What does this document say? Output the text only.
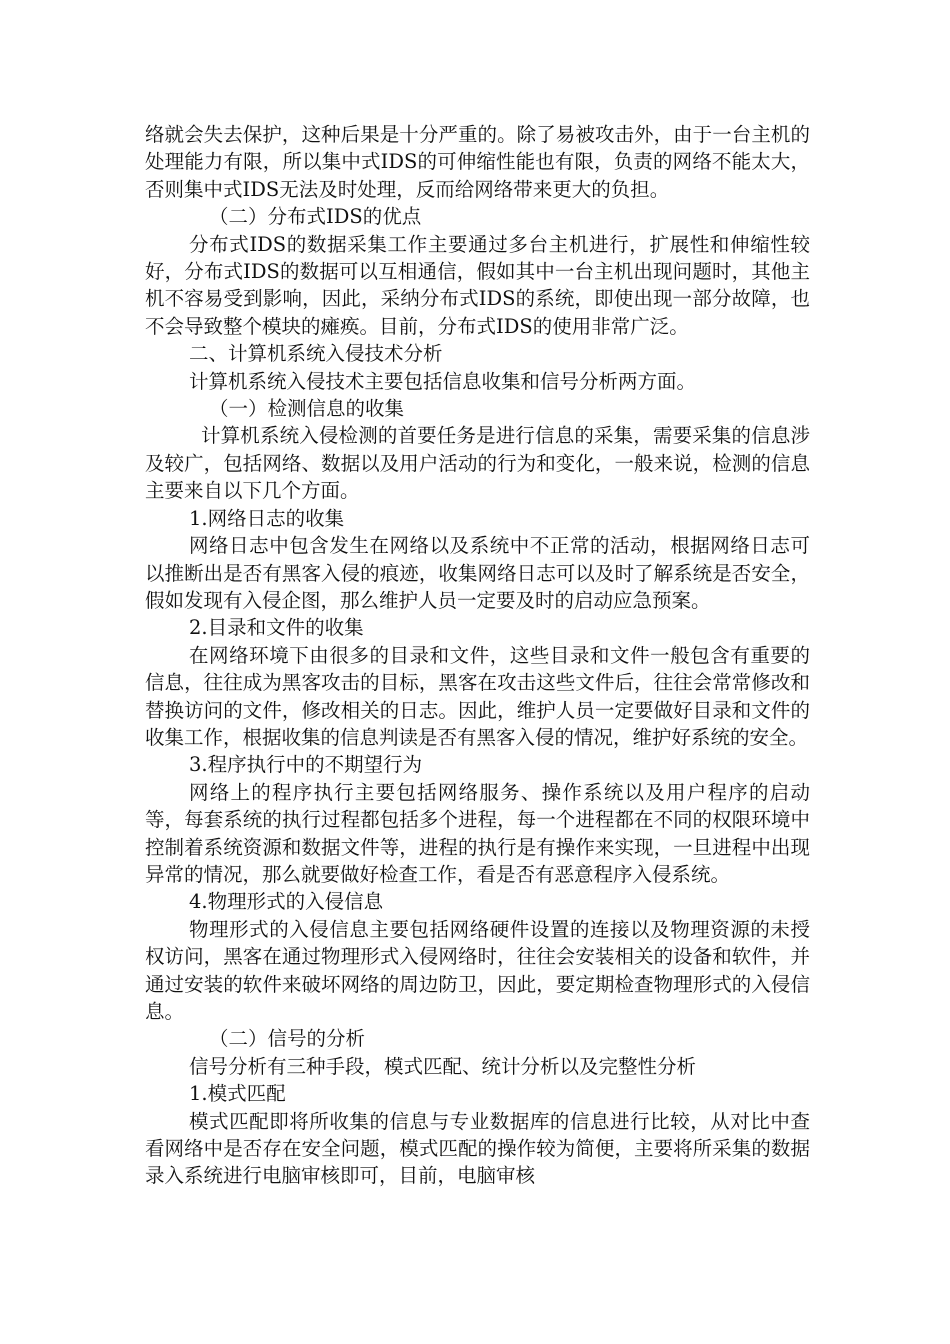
络就会失去保护，这种后果是十分严重的。除了易被攻击外，由于一台主机的处理能力有限，所以集中式IDS的可伸缩性能也有限，负责的网络不能太大，否则集中式IDS无法及时处理，反而给网络带来更大的负担。

（二）分布式IDS的优点

分布式IDS的数据采集工作主要通过多台主机进行，扩展性和伸缩性较好，分布式IDS的数据可以互相通信，假如其中一台主机出现问题时，其他主机不容易受到影响，因此，采纳分布式IDS的系统，即使出现一部分故障，也不会导致整个模块的瘫痪。目前，分布式IDS的使用非常广泛。

二、计算机系统入侵技术分析

计算机系统入侵技术主要包括信息收集和信号分析两方面。

（一）检测信息的收集

计算机系统入侵检测的首要任务是进行信息的采集，需要采集的信息涉及较广，包括网络、数据以及用户活动的行为和变化，一般来说，检测的信息主要来自以下几个方面。

1.网络日志的收集

网络日志中包含发生在网络以及系统中不正常的活动，根据网络日志可以推断出是否有黑客入侵的痕迹，收集网络日志可以及时了解系统是否安全，假如发现有入侵企图，那么维护人员一定要及时的启动应急预案。

2.目录和文件的收集

在网络环境下由很多的目录和文件，这些目录和文件一般包含有重要的信息，往往成为黑客攻击的目标，黑客在攻击这些文件后，往往会常常修改和替换访问的文件，修改相关的日志。因此，维护人员一定要做好目录和文件的收集工作，根据收集的信息判读是否有黑客入侵的情况，维护好系统的安全。

3.程序执行中的不期望行为

网络上的程序执行主要包括网络服务、操作系统以及用户程序的启动等，每套系统的执行过程都包括多个进程，每一个进程都在不同的权限环境中控制着系统资源和数据文件等，进程的执行是有操作来实现，一旦进程中出现异常的情况，那么就要做好检查工作，看是否有恶意程序入侵系统。

4.物理形式的入侵信息

物理形式的入侵信息主要包括网络硬件设置的连接以及物理资源的未授权访问，黑客在通过物理形式入侵网络时，往往会安装相关的设备和软件，并通过安装的软件来破坏网络的周边防卫，因此，要定期检查物理形式的入侵信息。

（二）信号的分析

信号分析有三种手段，模式匹配、统计分析以及完整性分析

1.模式匹配

模式匹配即将所收集的信息与专业数据库的信息进行比较，从对比中查看网络中是否存在安全问题，模式匹配的操作较为简便，主要将所采集的数据录入系统进行电脑审核即可，目前，电脑审核
